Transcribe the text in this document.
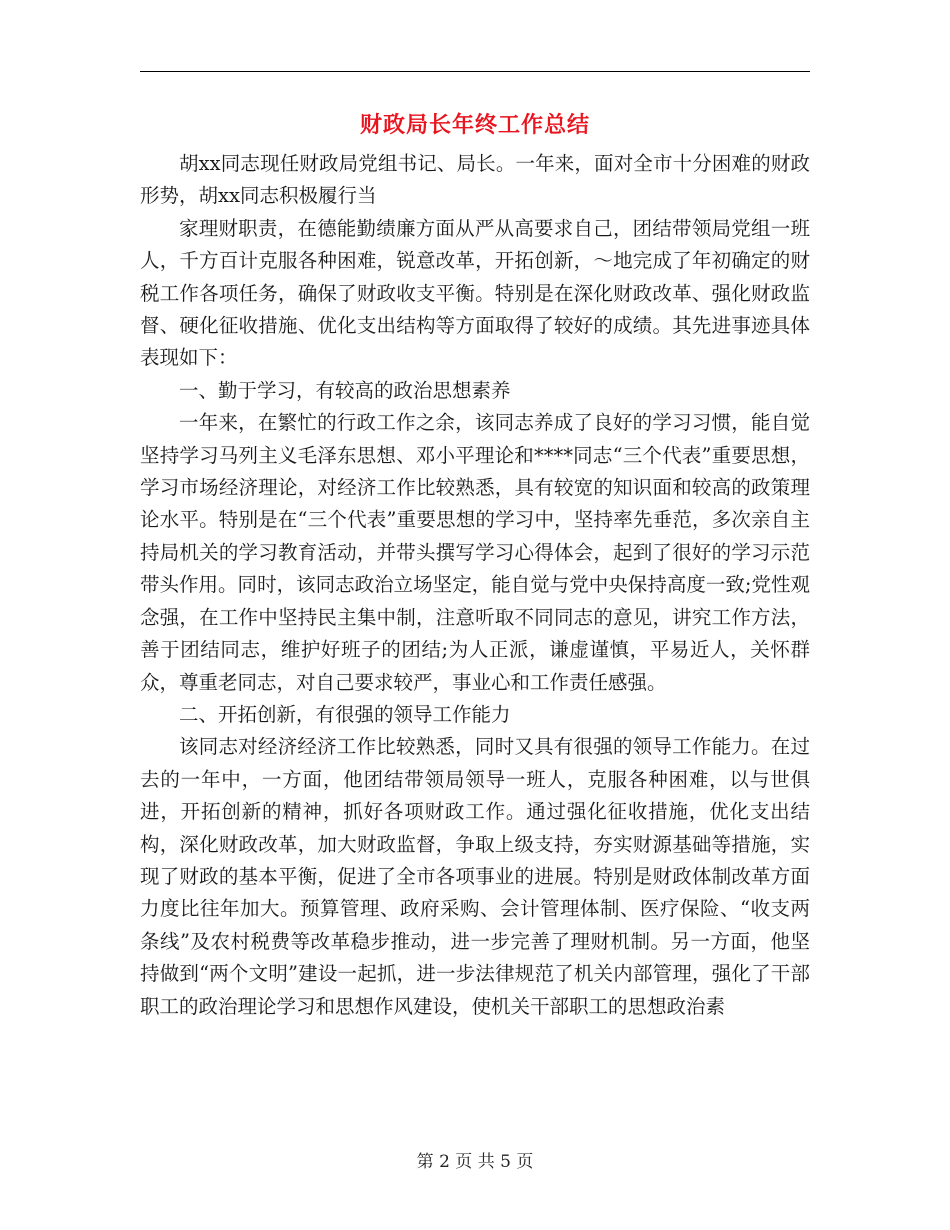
财政局长年终工作总结

胡xx同志现任财政局党组书记、局长。一年来，面对全市十分困难的财政形势，胡xx同志积极履行当

家理财职责，在德能勤绩廉方面从严从高要求自己，团结带领局党组一班人，千方百计克服各种困难，锐意改革，开拓创新，～地完成了年初确定的财税工作各项任务，确保了财政收支平衡。特别是在深化财政改革、强化财政监督、硬化征收措施、优化支出结构等方面取得了较好的成绩。其先进事迹具体表现如下：

一、勤于学习，有较高的政治思想素养

一年来，在繁忙的行政工作之余，该同志养成了良好的学习习惯，能自觉坚持学习马列主义毛泽东思想、邓小平理论和****同志“三个代表”重要思想，学习市场经济理论，对经济工作比较熟悉，具有较宽的知识面和较高的政策理论水平。特别是在“三个代表”重要思想的学习中，坚持率先垂范，多次亲自主持局机关的学习教育活动，并带头撰写学习心得体会，起到了很好的学习示范带头作用。同时，该同志政治立场坚定，能自觉与党中央保持高度一致;党性观念强，在工作中坚持民主集中制，注意听取不同同志的意见，讲究工作方法，善于团结同志，维护好班子的团结;为人正派，谦虚谨慎，平易近人，关怀群众，尊重老同志，对自己要求较严，事业心和工作责任感强。

二、开拓创新，有很强的领导工作能力

该同志对经济经济工作比较熟悉，同时又具有很强的领导工作能力。在过去的一年中，一方面，他团结带领局领导一班人，克服各种困难，以与世俱进，开拓创新的精神，抓好各项财政工作。通过强化征收措施，优化支出结构，深化财政改革，加大财政监督，争取上级支持，夯实财源基础等措施，实现了财政的基本平衡，促进了全市各项事业的进展。特别是财政体制改革方面力度比往年加大。预算管理、政府采购、会计管理体制、医疗保险、“收支两条线”及农村税费等改革稳步推动，进一步完善了理财机制。另一方面，他坚持做到“两个文明”建设一起抓，进一步法律规范了机关内部管理，强化了干部职工的政治理论学习和思想作风建设，使机关干部职工的思想政治素

第 2 页 共 5 页
